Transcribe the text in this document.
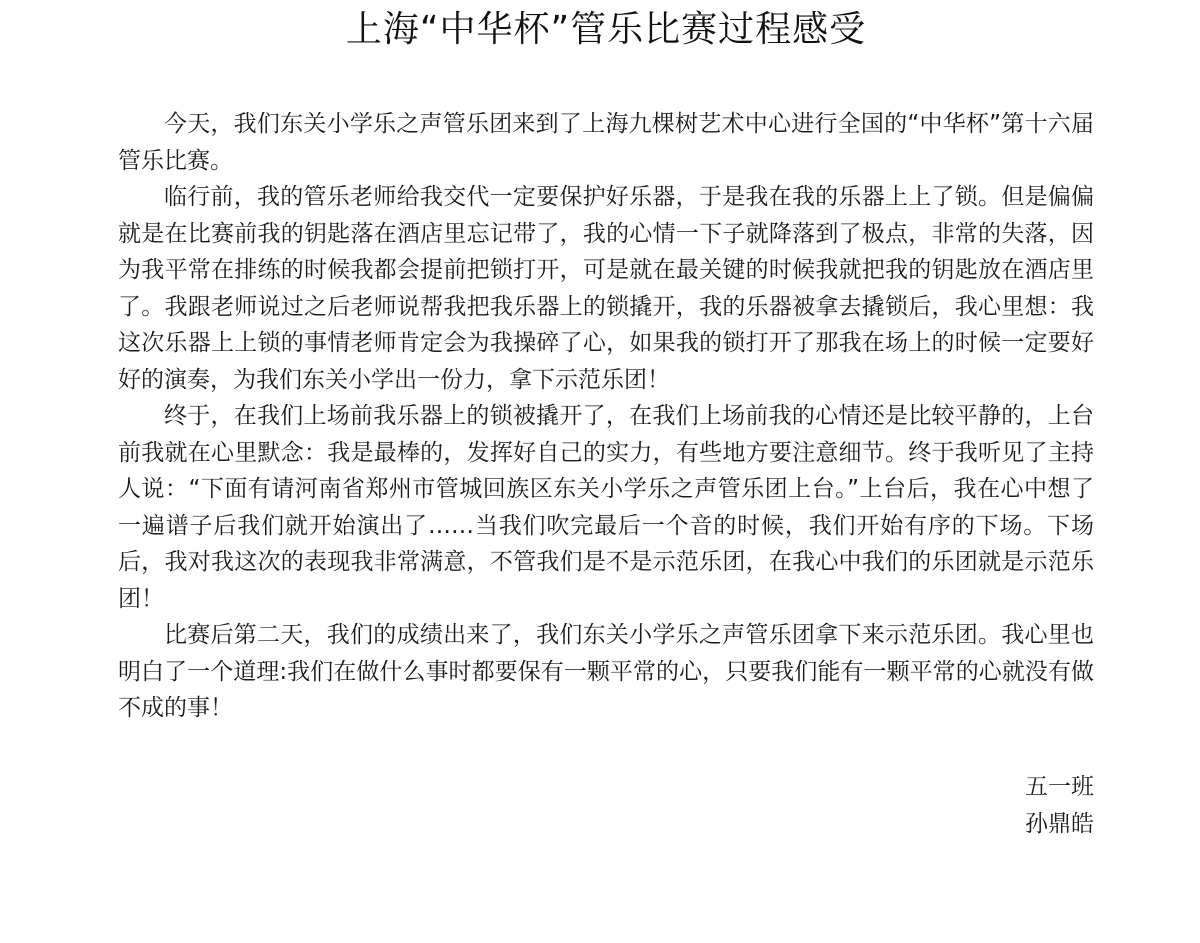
上海“中华杯”管乐比赛过程感受

今天，我们东关小学乐之声管乐团来到了上海九棵树艺术中心进行全国的“中华杯”第十六届管乐比赛。

临行前，我的管乐老师给我交代一定要保护好乐器，于是我在我的乐器上上了锁。但是偏偏就是在比赛前我的钥匙落在酒店里忘记带了，我的心情一下子就降落到了极点，非常的失落，因为我平常在排练的时候我都会提前把锁打开，可是就在最关键的时候我就把我的钥匙放在酒店里了。我跟老师说过之后老师说帮我把我乐器上的锁撬开，我的乐器被拿去撬锁后，我心里想：我这次乐器上上锁的事情老师肯定会为我操碎了心，如果我的锁打开了那我在场上的时候一定要好好的演奏，为我们东关小学出一份力，拿下示范乐团！

终于，在我们上场前我乐器上的锁被撬开了，在我们上场前我的心情还是比较平静的，上台前我就在心里默念：我是最棒的，发挥好自己的实力，有些地方要注意细节。终于我听见了主持人说：“下面有请河南省郑州市管城回族区东关小学乐之声管乐团上台。”上台后，我在心中想了一遍谱子后我们就开始演出了……当我们吹完最后一个音的时候，我们开始有序的下场。下场后，我对我这次的表现我非常满意，不管我们是不是示范乐团，在我心中我们的乐团就是示范乐团！

比赛后第二天，我们的成绩出来了，我们东关小学乐之声管乐团拿下来示范乐团。我心里也明白了一个道理:我们在做什么事时都要保有一颗平常的心，只要我们能有一颗平常的心就没有做不成的事！

五一班
孙鼎皓
